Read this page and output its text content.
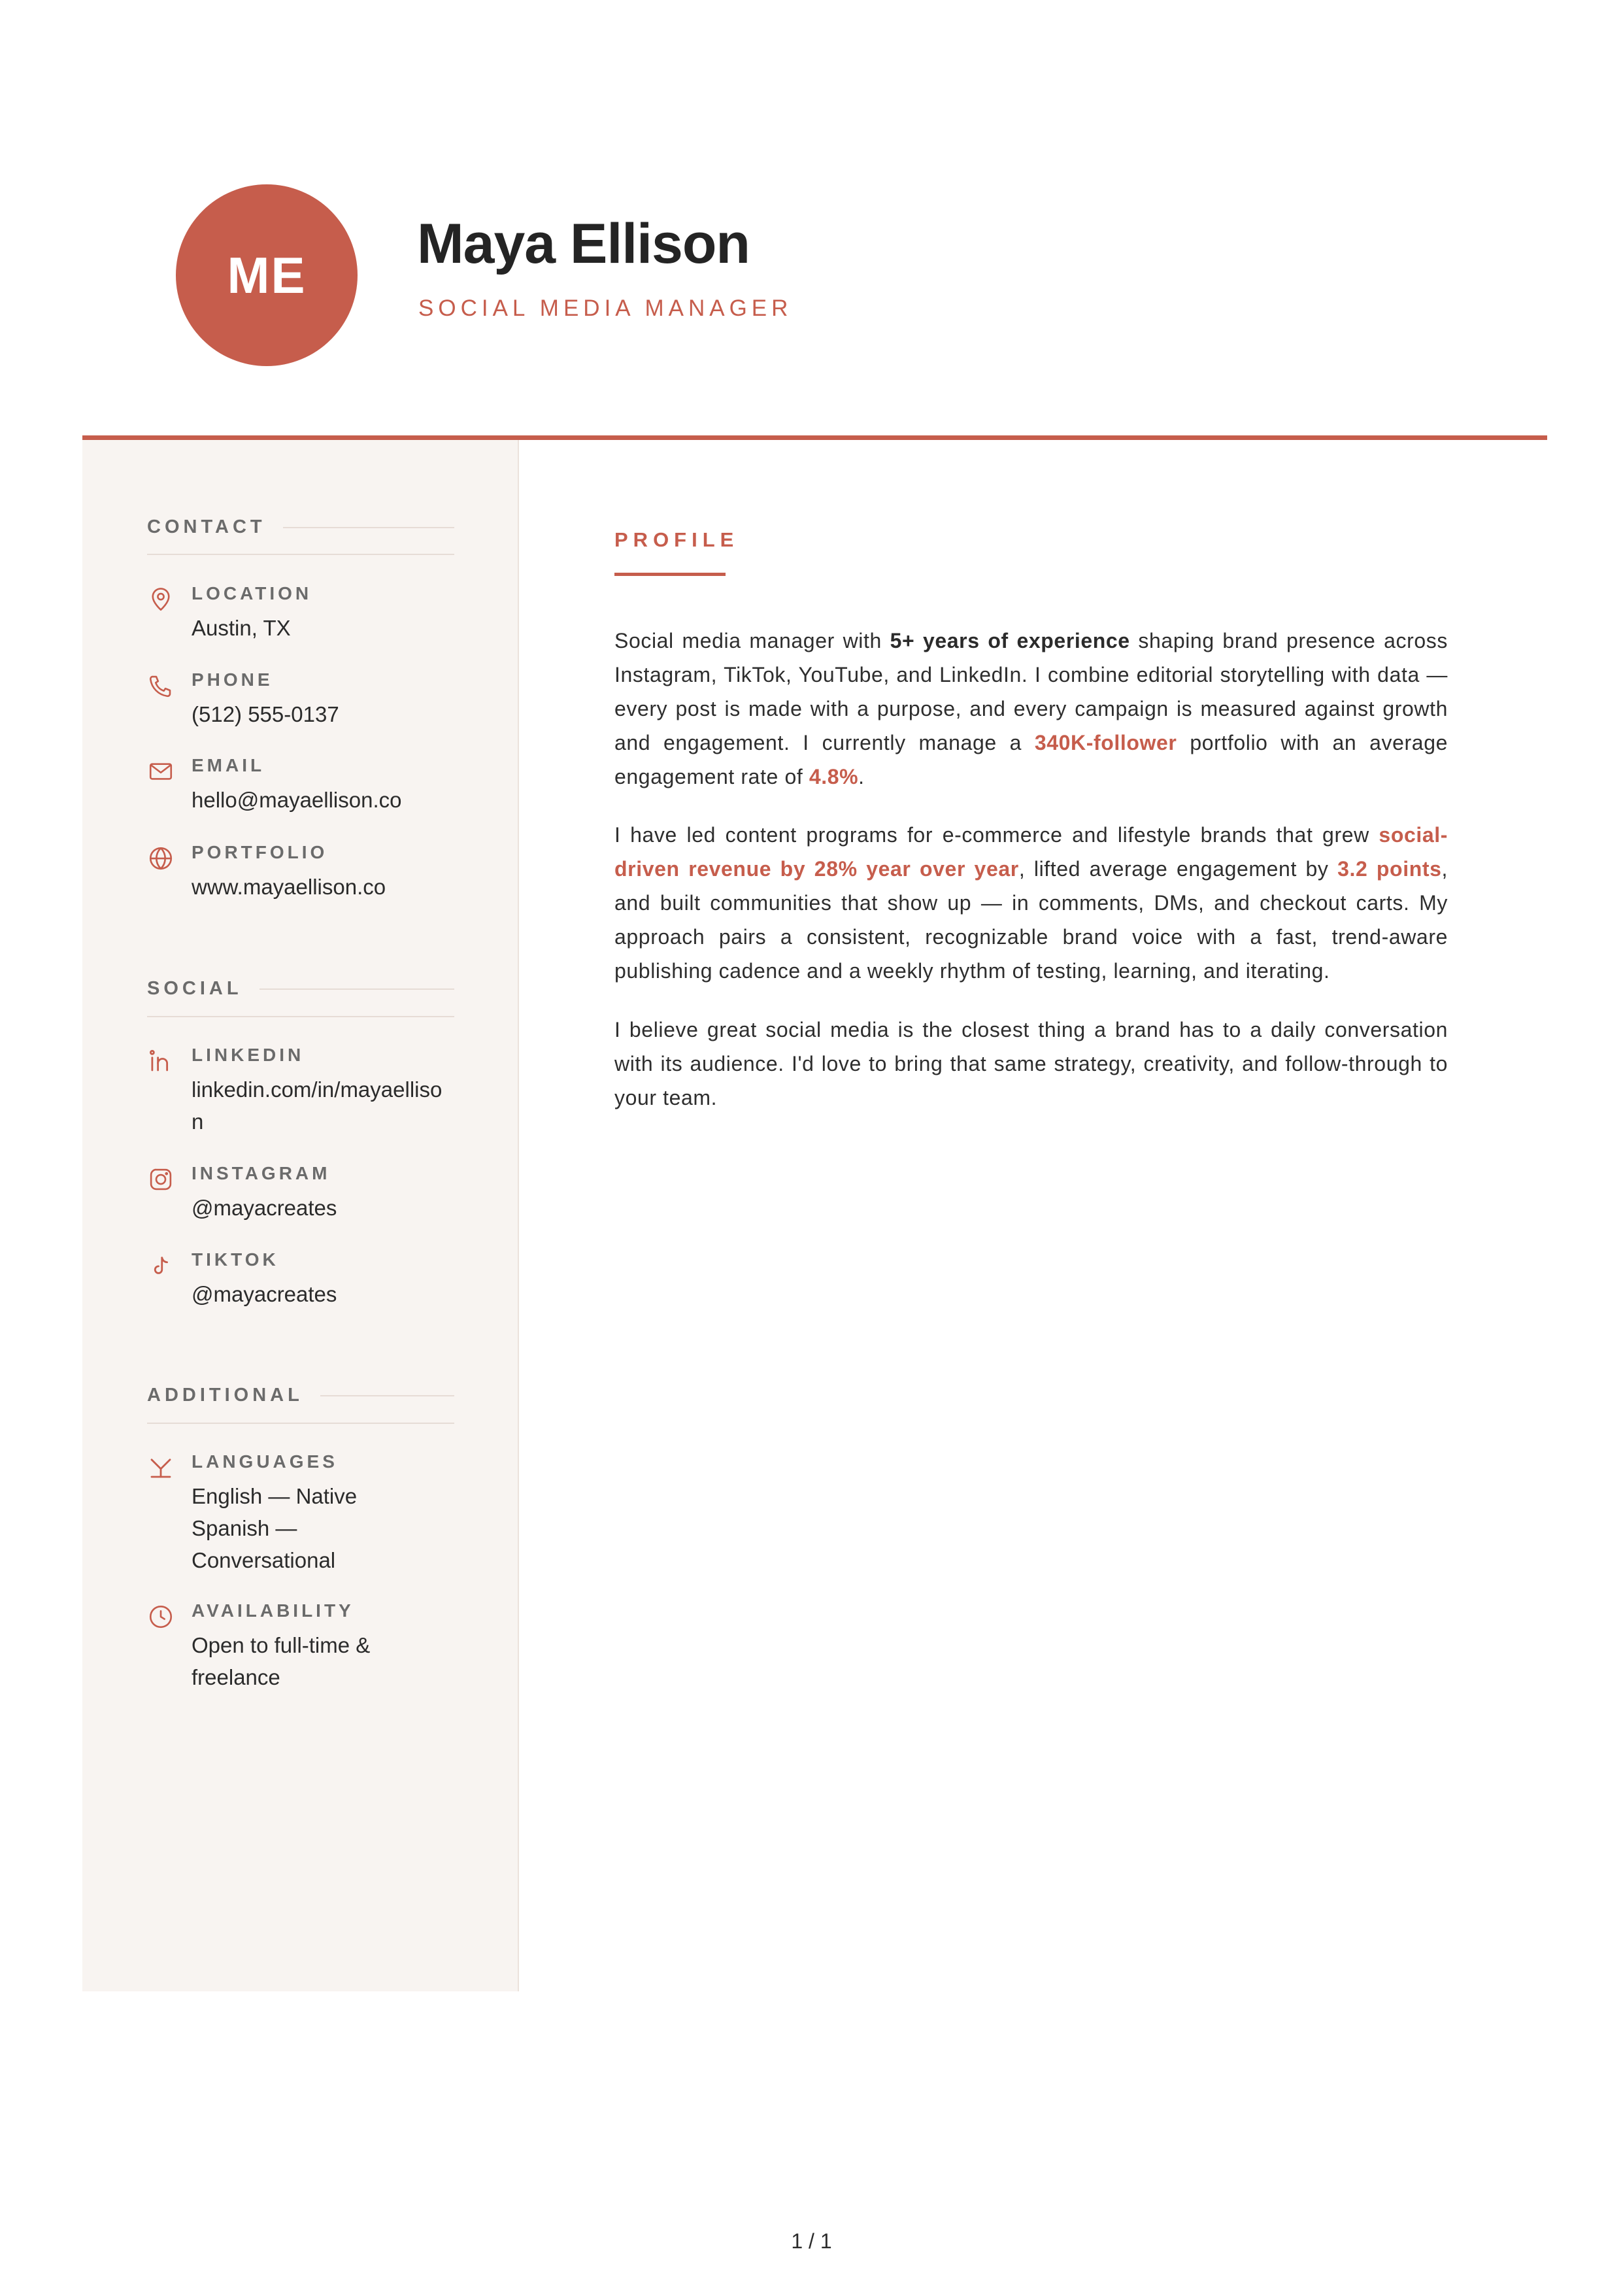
ME Maya Ellison
SOCIAL MEDIA MANAGER
CONTACT
LOCATION
Austin, TX
PHONE
(512) 555-0137
EMAIL
hello@mayaellison.co
PORTFOLIO
www.mayaellison.co
SOCIAL
LINKEDIN
linkedin.com/in/mayaellison
INSTAGRAM
@mayacreates
TIKTOK
@mayacreates
ADDITIONAL
LANGUAGES
English — Native
Spanish —
Conversational
AVAILABILITY
Open to full-time &
freelance
PROFILE

Social media manager with 5+ years of experience shaping brand presence across Instagram, TikTok, YouTube, and LinkedIn. I combine editorial storytelling with data — every post is made with a purpose, and every campaign is measured against growth and engagement. I currently manage a 340K-follower portfolio with an average engagement rate of 4.8%.

I have led content programs for e-commerce and lifestyle brands that grew social-driven revenue by 28% year over year, lifted average engagement by 3.2 points, and built communities that show up — in comments, DMs, and checkout carts. My approach pairs a consistent, recognizable brand voice with a fast, trend-aware publishing cadence and a weekly rhythm of testing, learning, and iterating.

I believe great social media is the closest thing a brand has to a daily conversation with its audience. I'd love to bring that same strategy, creativity, and follow-through to your team.

1 / 1
